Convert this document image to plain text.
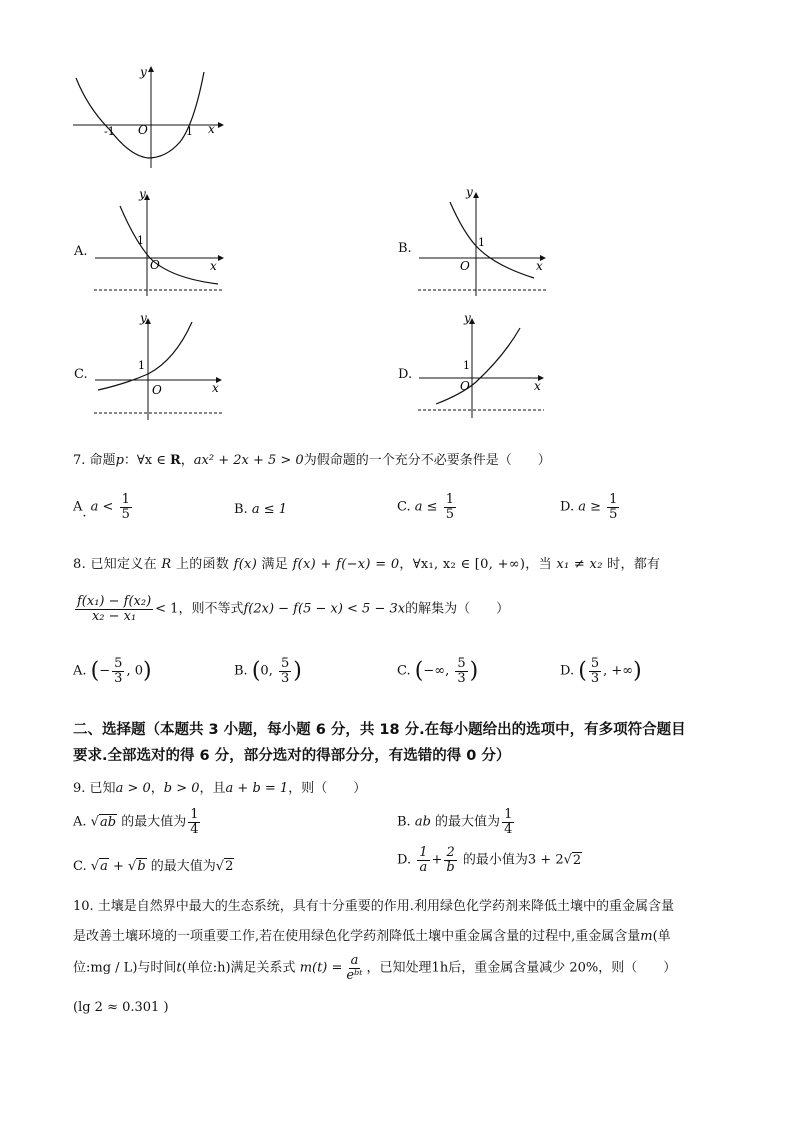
x
y
O
-1	1
A.
x
y
O
1
B.
x
y
O
1
C.
x
y
O
1
D.
x
y
O
1
7. 命题p：∀x ∈ R，ax² + 2x + 5 > 0为假命题的一个充分不必要条件是（　　）
A. $a < \frac{1}{5}$	B. a ≤ 1	C. $a \le \frac{1}{5}$	D. $a \ge \frac{1}{5}$
8. 已知定义在 R 上的函数 f(x) 满足 f(x) + f(−x) = 0，∀x₁, x₂ ∈ [0, +∞)，当 x₁ ≠ x₂ 时，都有
$\frac{\text{f(x₁) − f(x₂)}}{\text{x₂ − x₁}} < 1$，则不等式f(2x) − f(5 − x) < 5 − 3x的解集为（　　）
A. (− $\frac{5}{3}$ , 0)	B. (0, $\frac{5}{3}$ )	C. (−∞, $\frac{5}{3}$ )	D. ( $\frac{5}{3}$ , +∞)
二、选择题（本题共 3 小题，每小题 6 分，共 18 分.在每小题给出的选项中，有多项符合题目
要求.全部选对的得 6 分，部分选对的得部分分，有选错的得 0 分）
9. 已知a > 0，b > 0，且a + b = 1，则（　　）
A. √ab 的最大值为 $\frac{1}{4}$	B. ab 的最大值为 $\frac{1}{4}$
C. √a + √b 的最大值为√2	D. $\frac{1}{a} + \frac{2}{b}$ 的最小值为3 + 2√2
10. 土壤是自然界中最大的生态系统，具有十分重要的作用.利用绿色化学药剂来降低土壤中的重金属含量
是改善土壤环境的一项重要工作,若在使用绿色化学药剂降低土壤中重金属含量的过程中,重金属含量m(单
位:mg / L)与时间t(单位:h)满足关系式 $m(t) = \frac{a}{\text{eᵇᵗ}}$ ，已知处理1h后，重金属含量减少 20%，则（　　）
(lg 2 ≈ 0.301 )
